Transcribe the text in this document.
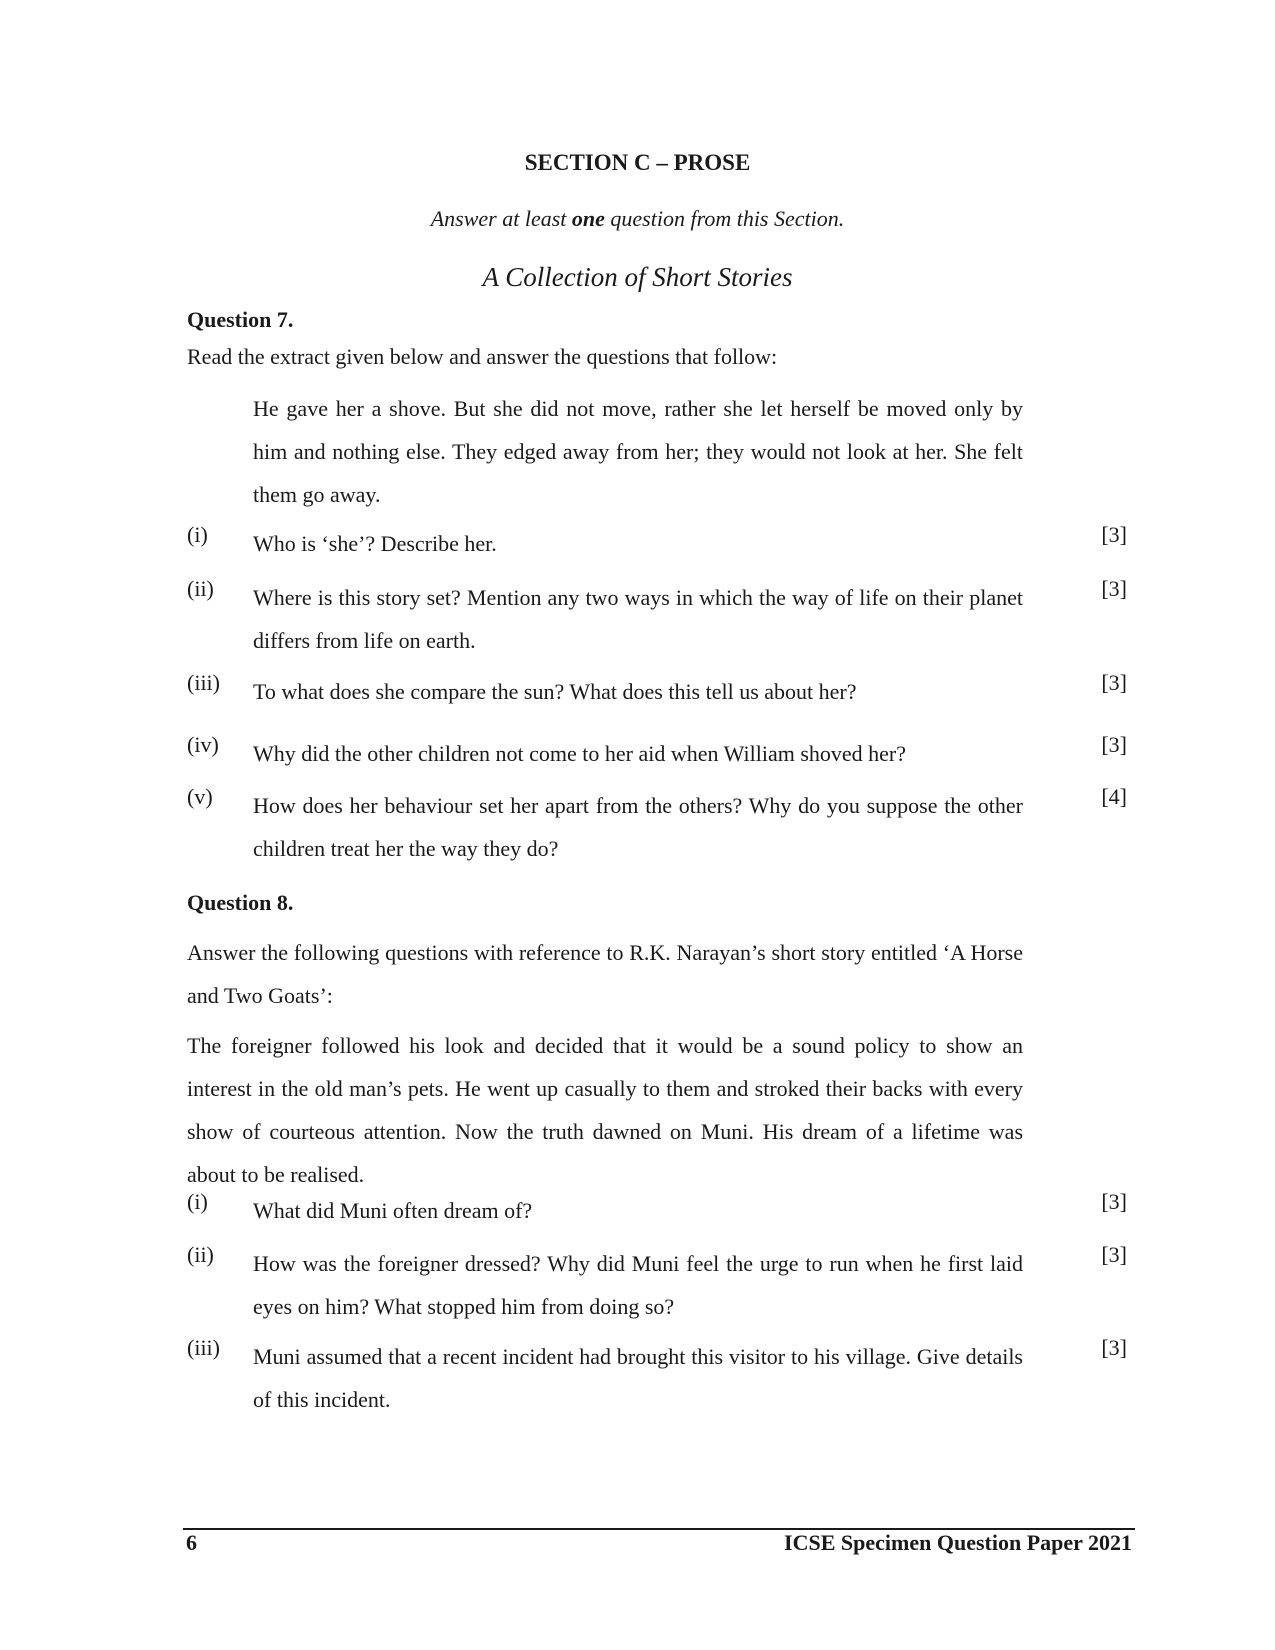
SECTION C – PROSE
Answer at least one question from this Section.
A Collection of Short Stories
Question 7.
Read the extract given below and answer the questions that follow:
He gave her a shove. But she did not move, rather she let herself be moved only by him and nothing else. They edged away from her; they would not look at her. She felt them go away.
(i) Who is ‘she’? Describe her.	[3]
(ii) Where is this story set? Mention any two ways in which the way of life on their planet differs from life on earth.
[3]
(iii) To what does she compare the sun? What does this tell us about her?	[3]
(iv) Why did the other children not come to her aid when William shoved her?	[3]
(v) How does her behaviour set her apart from the others? Why do you suppose the other children treat her the way they do?
[4]
Question 8.
Answer the following questions with reference to R.K. Narayan’s short story entitled ‘A Horse and Two Goats’:
The foreigner followed his look and decided that it would be a sound policy to show an interest in the old man’s pets. He went up casually to them and stroked their backs with every show of courteous attention. Now the truth dawned on Muni. His dream of a lifetime was about to be realised.
(i) What did Muni often dream of?	[3]
(ii) How was the foreigner dressed? Why did Muni feel the urge to run when he first laid eyes on him? What stopped him from doing so?
[3]
(iii) Muni assumed that a recent incident had brought this visitor to his village. Give details of this incident.
[3]
6	ICSE Specimen Question Paper 2021
